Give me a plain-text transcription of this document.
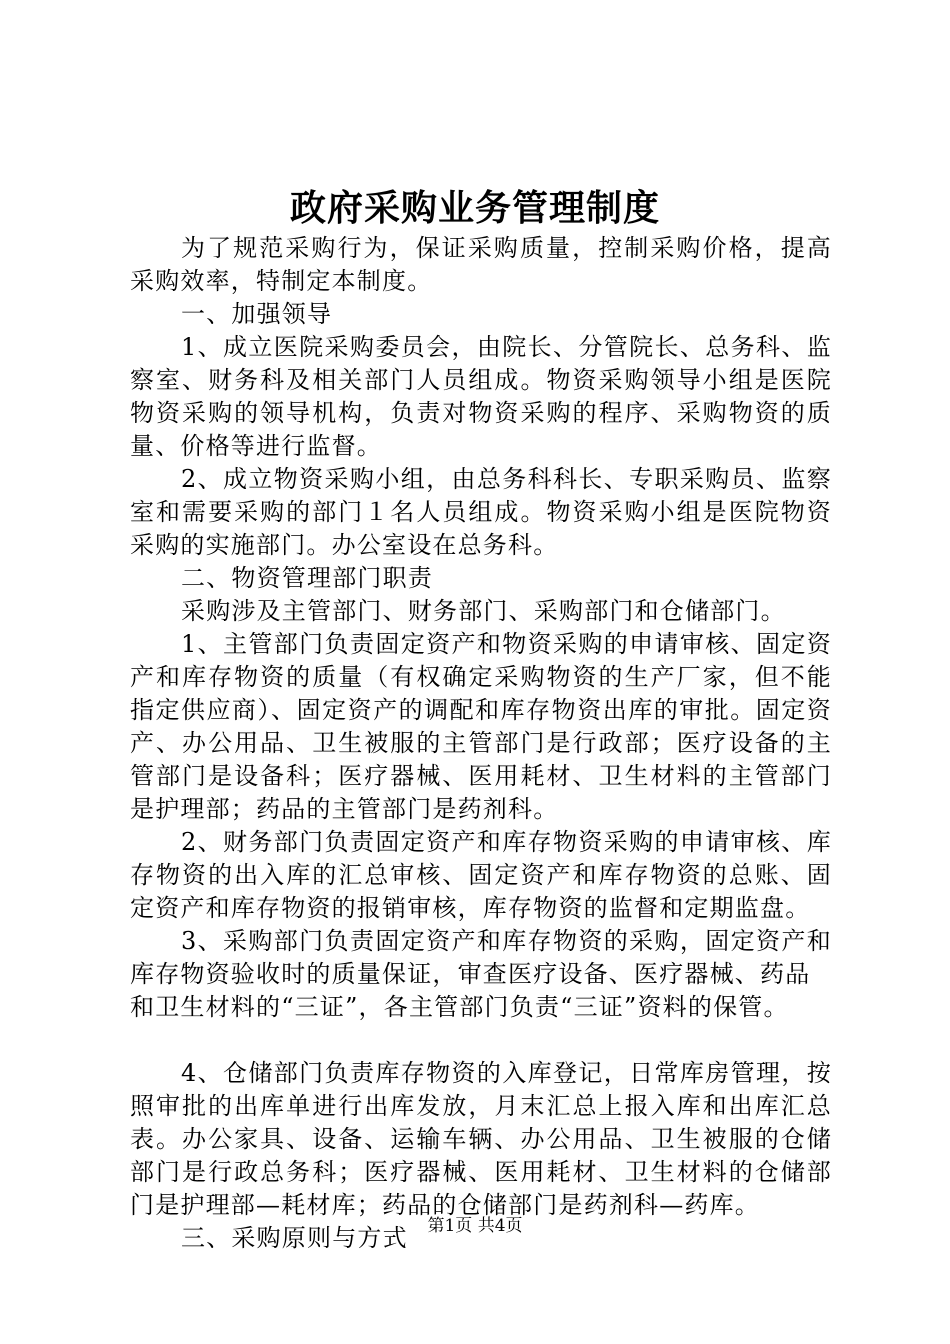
政府采购业务管理制度

为了规范采购行为，保证采购质量，控制采购价格，提高采购效率，特制定本制度。

一、加强领导

1、成立医院采购委员会，由院长、分管院长、总务科、监察室、财务科及相关部门人员组成。物资采购领导小组是医院物资采购的领导机构，负责对物资采购的程序、采购物资的质量、价格等进行监督。

2、成立物资采购小组，由总务科科长、专职采购员、监察室和需要采购的部门１名人员组成。物资采购小组是医院物资采购的实施部门。办公室设在总务科。

二、物资管理部门职责

采购涉及主管部门、财务部门、采购部门和仓储部门。

1、主管部门负责固定资产和物资采购的申请审核、固定资产和库存物资的质量（有权确定采购物资的生产厂家，但不能指定供应商）、固定资产的调配和库存物资出库的审批。固定资产、办公用品、卫生被服的主管部门是行政部；医疗设备的主管部门是设备科；医疗器械、医用耗材、卫生材料的主管部门是护理部；药品的主管部门是药剂科。

2、财务部门负责固定资产和库存物资采购的申请审核、库存物资的出入库的汇总审核、固定资产和库存物资的总账、固定资产和库存物资的报销审核，库存物资的监督和定期监盘。

3、采购部门负责固定资产和库存物资的采购，固定资产和库存物资验收时的质量保证，审查医疗设备、医疗器械、药品

和卫生材料的“三证”，各主管部门负责“三证”资料的保管。

4、仓储部门负责库存物资的入库登记，日常库房管理，按照审批的出库单进行出库发放，月末汇总上报入库和出库汇总表。办公家具、设备、运输车辆、办公用品、卫生被服的仓储部门是行政总务科；医疗器械、医用耗材、卫生材料的仓储部门是护理部—耗材库；药品的仓储部门是药剂科—药库。

三、采购原则与方式	第1页 共4页
